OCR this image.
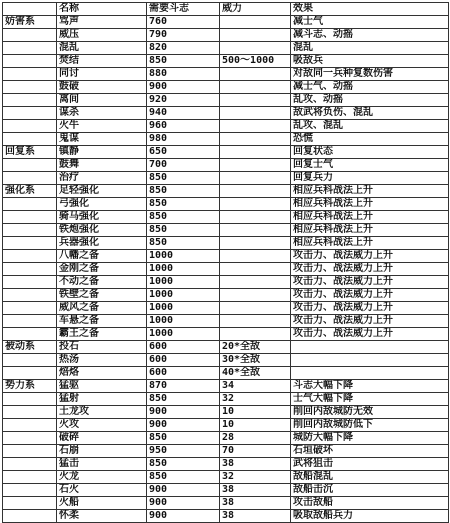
	名称	需要斗志	威力	效果
妨害系	骂声	760		减士气
	威压	790		减斗志、动摇
	混乱	820		混乱
	焚结	850	500～1000	吸敌兵
	同讨	880		对敌同一兵种复数伤害
	鼓破	900		减士气、动摇
	离间	920		乱攻、动摇
	谋杀	940		敌武将负伤、混乱
	火牛	960		乱攻、混乱
	鬼谋	980		恐慌
回复系	镇静	650		回复状态
	鼓舞	700		回复士气
	治疗	850		回复兵力
强化系	足轻强化	850		相应兵科战法上升
	弓强化	850		相应兵科战法上升
	骑马强化	850		相应兵科战法上升
	铁炮强化	850		相应兵科战法上升
	兵器强化	850		相应兵科战法上升
	八幡之备	1000		攻击力、战法威力上升
	金刚之备	1000		攻击力、战法威力上升
	不动之备	1000		攻击力、战法威力上升
	铁壁之备	1000		攻击力、战法威力上升
	威风之备	1000		攻击力、战法威力上升
	车悬之备	1000		攻击力、战法威力上升
	霸王之备	1000		攻击力、战法威力上升
被动系	投石	600	20*全敌	
	热汤	600	30*全敌	
	焙烙	600	40*全敌	
势力系	猛驱	870	34	斗志大幅下降
	猛射	850	32	士气大幅下降
	土龙攻	900	10	削回内敌城防无效
	火攻	900	10	削回内敌城防低下
	破碎	850	28	城防大幅下降
	石崩	950	70	石垣破坏
	猛击	850	38	武将狙击
	火龙	850	32	敌船混乱
	石火	900	38	敌船击沉
	火船	900	38	攻击敌船
	怀柔	900	38	吸取敌船兵力
